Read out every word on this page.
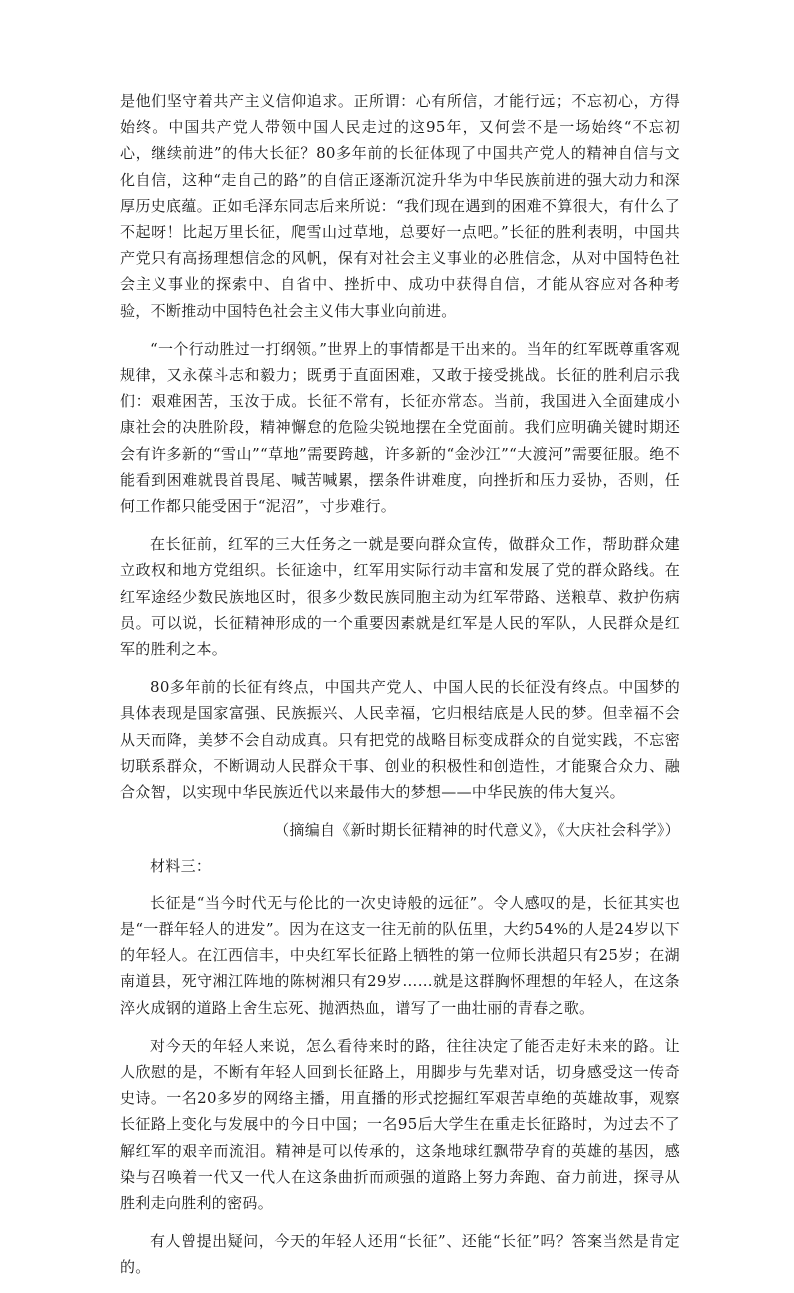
是他们坚守着共产主义信仰追求。正所谓：心有所信，才能行远；不忘初心，方得始终。中国共产党人带领中国人民走过的这95年，又何尝不是一场始终“不忘初心，继续前进”的伟大长征？80多年前的长征体现了中国共产党人的精神自信与文化自信，这种“走自己的路”的自信正逐渐沉淀升华为中华民族前进的强大动力和深厚历史底蕴。正如毛泽东同志后来所说：“我们现在遇到的困难不算很大，有什么了不起呀！比起万里长征，爬雪山过草地，总要好一点吧。”长征的胜利表明，中国共产党只有高扬理想信念的风帆，保有对社会主义事业的必胜信念，从对中国特色社会主义事业的探索中、自省中、挫折中、成功中获得自信，才能从容应对各种考验，不断推动中国特色社会主义伟大事业向前进。

“一个行动胜过一打纲领。”世界上的事情都是干出来的。当年的红军既尊重客观规律，又永葆斗志和毅力；既勇于直面困难，又敢于接受挑战。长征的胜利启示我们：艰难困苦，玉汝于成。长征不常有，长征亦常态。当前，我国进入全面建成小康社会的决胜阶段，精神懈怠的危险尖锐地摆在全党面前。我们应明确关键时期还会有许多新的“雪山”“草地”需要跨越，许多新的“金沙江”“大渡河”需要征服。绝不能看到困难就畏首畏尾、喊苦喊累，摆条件讲难度，向挫折和压力妥协，否则，任何工作都只能受困于“泥沼”，寸步难行。

在长征前，红军的三大任务之一就是要向群众宣传，做群众工作，帮助群众建立政权和地方党组织。长征途中，红军用实际行动丰富和发展了党的群众路线。在红军途经少数民族地区时，很多少数民族同胞主动为红军带路、送粮草、救护伤病员。可以说，长征精神形成的一个重要因素就是红军是人民的军队，人民群众是红军的胜利之本。

80多年前的长征有终点，中国共产党人、中国人民的长征没有终点。中国梦的具体表现是国家富强、民族振兴、人民幸福，它归根结底是人民的梦。但幸福不会从天而降，美梦不会自动成真。只有把党的战略目标变成群众的自觉实践，不忘密切联系群众，不断调动人民群众干事、创业的积极性和创造性，才能聚合众力、融合众智，以实现中华民族近代以来最伟大的梦想——中华民族的伟大复兴。

（摘编自《新时期长征精神的时代意义》，《大庆社会科学》）

材料三：

长征是“当今时代无与伦比的一次史诗般的远征”。令人感叹的是，长征其实也是“一群年轻人的进发”。因为在这支一往无前的队伍里，大约54%的人是24岁以下的年轻人。在江西信丰，中央红军长征路上牺牲的第一位师长洪超只有25岁；在湖南道县，死守湘江阵地的陈树湘只有29岁……就是这群胸怀理想的年轻人，在这条淬火成钢的道路上舍生忘死、抛洒热血，谱写了一曲壮丽的青春之歌。

对今天的年轻人来说，怎么看待来时的路，往往决定了能否走好未来的路。让人欣慰的是，不断有年轻人回到长征路上，用脚步与先辈对话，切身感受这一传奇史诗。一名20多岁的网络主播，用直播的形式挖掘红军艰苦卓绝的英雄故事，观察长征路上变化与发展中的今日中国；一名95后大学生在重走长征路时，为过去不了解红军的艰辛而流泪。精神是可以传承的，这条地球红飘带孕育的英雄的基因，感染与召唤着一代又一代人在这条曲折而顽强的道路上努力奔跑、奋力前进，探寻从胜利走向胜利的密码。

有人曾提出疑问，今天的年轻人还用“长征”、还能“长征”吗？答案当然是肯定的。
